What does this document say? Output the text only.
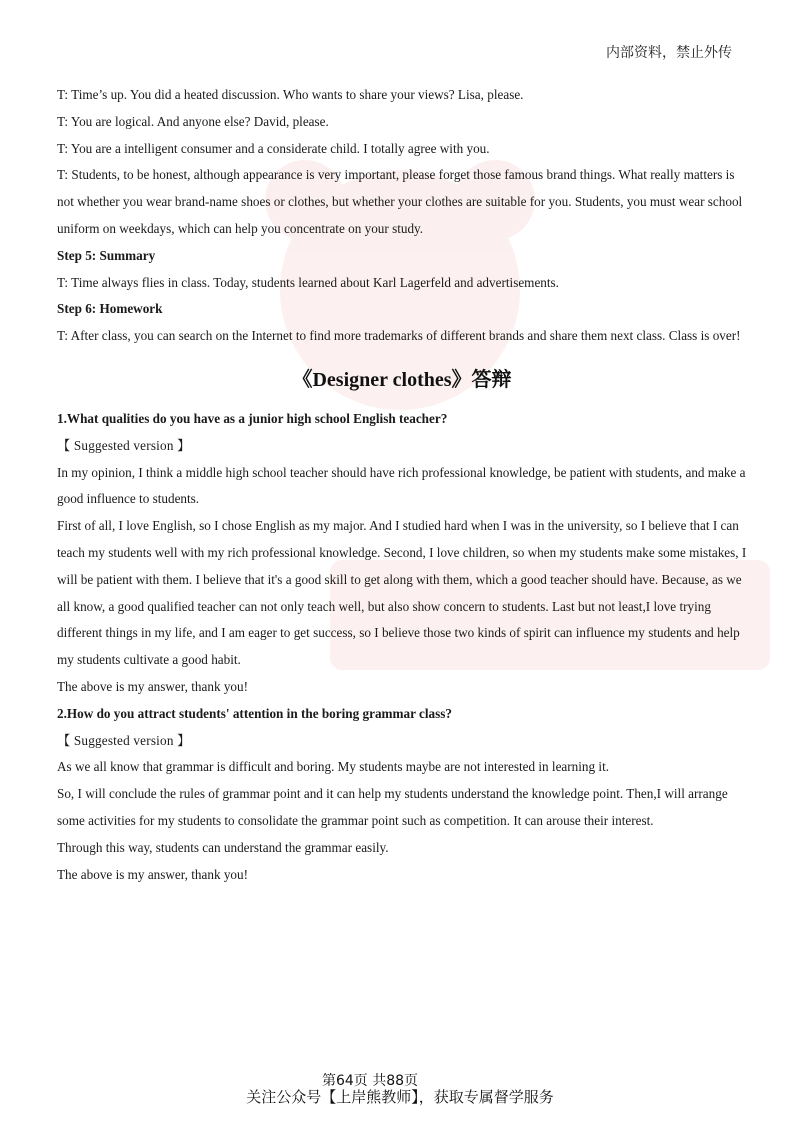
内部资料，禁止外传
T: Time’s up. You did a heated discussion. Who wants to share your views? Lisa, please.
T: You are logical. And anyone else? David, please.
T: You are a intelligent consumer and a considerate child. I totally agree with you.
T: Students, to be honest, although appearance is very important, please forget those famous brand things. What really matters is not whether you wear brand-name shoes or clothes, but whether your clothes are suitable for you. Students, you must wear school uniform on weekdays, which can help you concentrate on your study.
Step 5: Summary
T: Time always flies in class. Today, students learned about Karl Lagerfeld and advertisements.
Step 6: Homework
T: After class, you can search on the Internet to find more trademarks of different brands and share them next class. Class is over!
《Designer clothes》答辩
1.What qualities do you have as a junior high school English teacher?
【 Suggested version 】
In my opinion, I think a middle high school teacher should have rich professional knowledge, be patient with students, and make a good influence to students.
First of all, I love English, so I chose English as my major. And I studied hard when I was in the university, so I believe that I can teach my students well with my rich professional knowledge. Second, I love children, so when my students make some mistakes, I will be patient with them. I believe that it's a good skill to get along with them, which a good teacher should have. Because, as we all know, a good qualified teacher can not only teach well, but also show concern to students. Last but not least,I love trying different things in my life, and I am eager to get success, so I believe those two kinds of spirit can influence my students and help my students cultivate a good habit.
The above is my answer, thank you!
2.How do you attract students' attention in the boring grammar class?
【 Suggested version 】
As we all know that grammar is difficult and boring. My students maybe are not interested in learning it.
So, I will conclude the rules of grammar point and it can help my students understand the knowledge point. Then,I will arrange some activities for my students to consolidate the grammar point such as competition. It can arouse their interest.
Through this way, students can understand the grammar easily.
The above is my answer, thank you!
第64页 共88页
关注公众号【上岸熊教师】，获取专属督学服务
